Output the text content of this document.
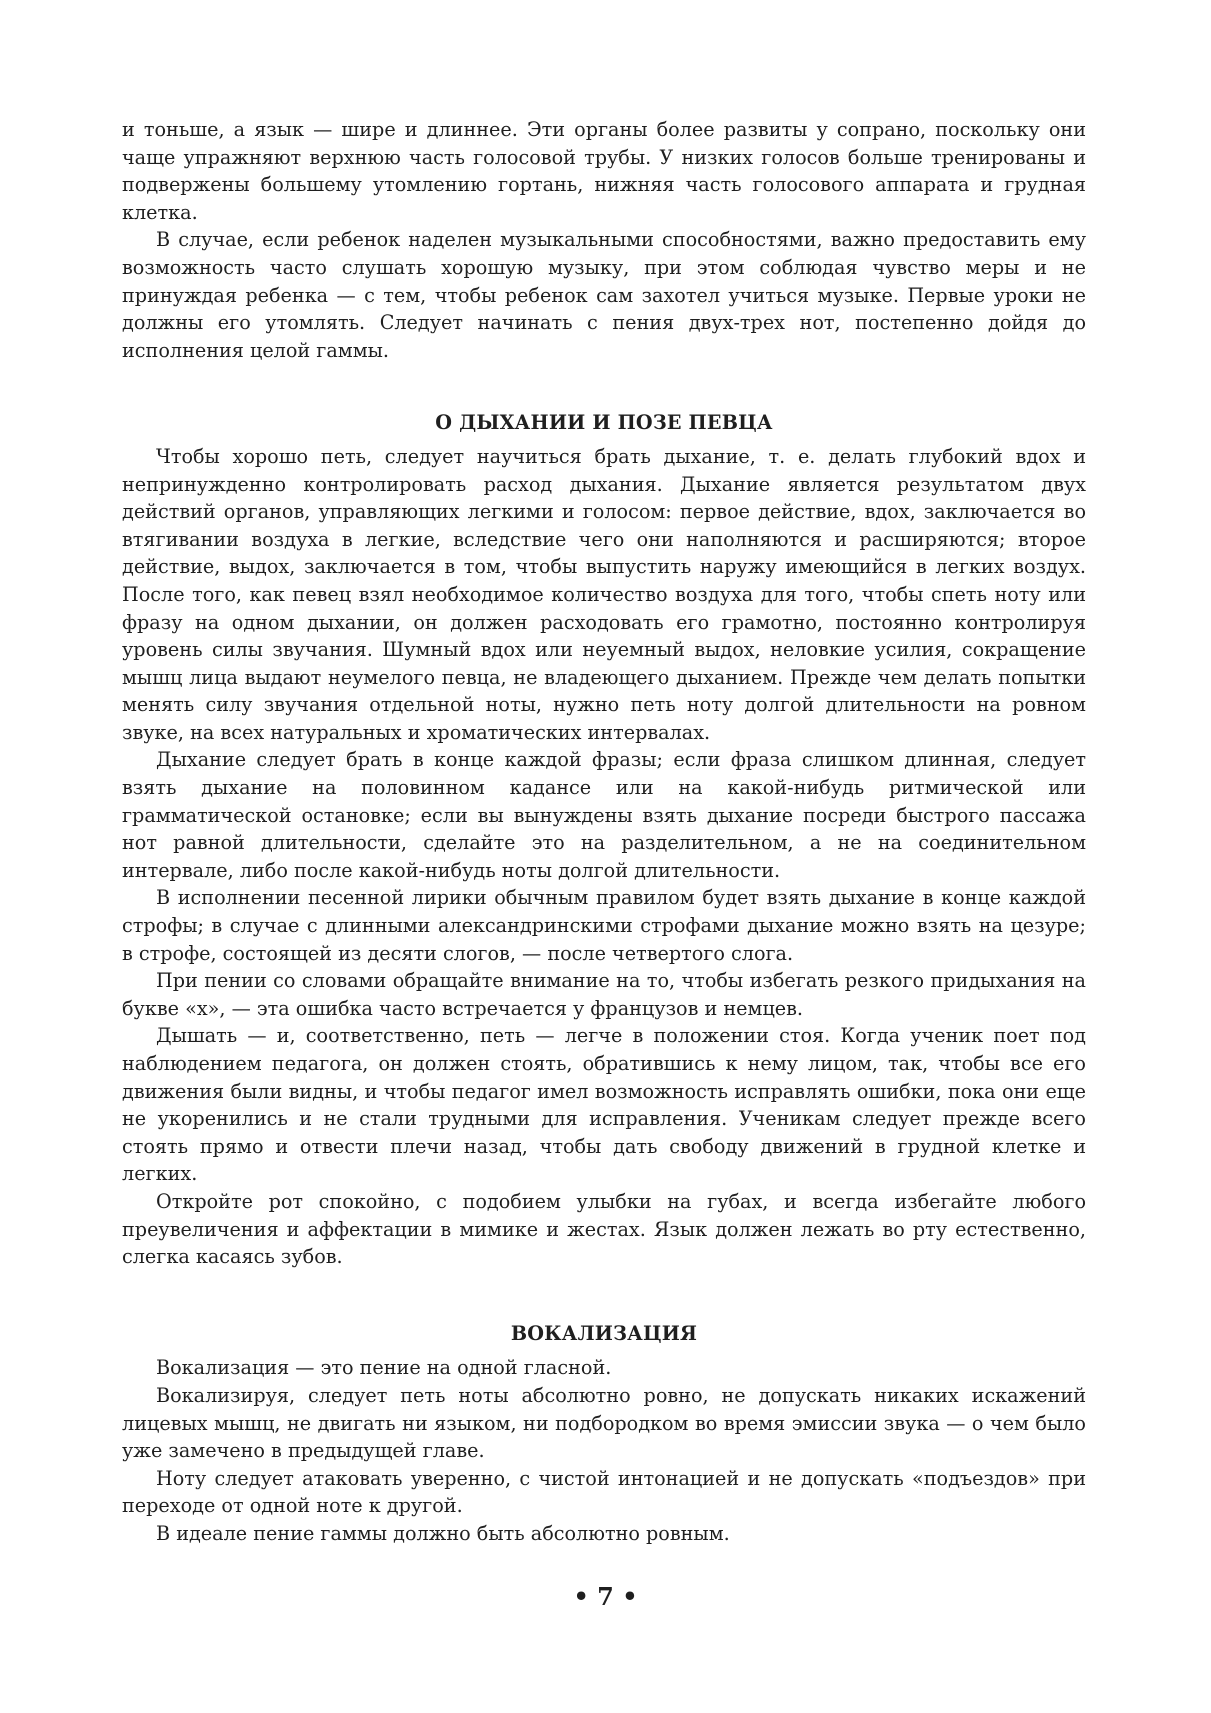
и тоньше, а язык — шире и длиннее. Эти органы более развиты у сопрано, поскольку они чаще упражняют верхнюю часть голосовой трубы. У низких голосов больше тренированы и подвержены большему утомлению гортань, нижняя часть голосового аппарата и грудная клетка.

В случае, если ребенок наделен музыкальными способностями, важно предоставить ему возможность часто слушать хорошую музыку, при этом соблюдая чувство меры и не принуждая ребенка — с тем, чтобы ребенок сам захотел учиться музыке. Первые уроки не должны его утомлять. Следует начинать с пения двух-трех нот, постепенно дойдя до исполнения целой гаммы.

О ДЫХАНИИ И ПОЗЕ ПЕВЦА

Чтобы хорошо петь, следует научиться брать дыхание, т. е. делать глубокий вдох и непринужденно контролировать расход дыхания. Дыхание является результатом двух действий органов, управляющих легкими и голосом: первое действие, вдох, заключается во втягивании воздуха в легкие, вследствие чего они наполняются и расширяются; второе действие, выдох, заключается в том, чтобы выпустить наружу имеющийся в легких воздух. После того, как певец взял необходимое количество воздуха для того, чтобы спеть ноту или фразу на одном дыхании, он должен расходовать его грамотно, постоянно контролируя уровень силы звучания. Шумный вдох или неуемный выдох, неловкие усилия, сокращение мышц лица выдают неумелого певца, не владеющего дыханием. Прежде чем делать попытки менять силу звучания отдельной ноты, нужно петь ноту долгой длительности на ровном звуке, на всех натуральных и хроматических интервалах.

Дыхание следует брать в конце каждой фразы; если фраза слишком длинная, следует взять дыхание на половинном кадансе или на какой-нибудь ритмической или грамматической остановке; если вы вынуждены взять дыхание посреди быстрого пассажа нот равной длительности, сделайте это на разделительном, а не на соединительном интервале, либо после какой-нибудь ноты долгой длительности.

В исполнении песенной лирики обычным правилом будет взять дыхание в конце каждой строфы; в случае с длинными александринскими строфами дыхание можно взять на цезуре; в строфе, состоящей из десяти слогов, — после четвертого слога.

При пении со словами обращайте внимание на то, чтобы избегать резкого придыхания на букве «х», — эта ошибка часто встречается у французов и немцев.

Дышать — и, соответственно, петь — легче в положении стоя. Когда ученик поет под наблюдением педагога, он должен стоять, обратившись к нему лицом, так, чтобы все его движения были видны, и чтобы педагог имел возможность исправлять ошибки, пока они еще не укоренились и не стали трудными для исправления. Ученикам следует прежде всего стоять прямо и отвести плечи назад, чтобы дать свободу движений в грудной клетке и легких.

Откройте рот спокойно, с подобием улыбки на губах, и всегда избегайте любого преувеличения и аффектации в мимике и жестах. Язык должен лежать во рту естественно, слегка касаясь зубов.

ВОКАЛИЗАЦИЯ

Вокализация — это пение на одной гласной.

Вокализируя, следует петь ноты абсолютно ровно, не допускать никаких искажений лицевых мышц, не двигать ни языком, ни подбородком во время эмиссии звука — о чем было уже замечено в предыдущей главе.

Ноту следует атаковать уверенно, с чистой интонацией и не допускать «подъездов» при переходе от одной ноте к другой.

В идеале пение гаммы должно быть абсолютно ровным.

• 7 •
